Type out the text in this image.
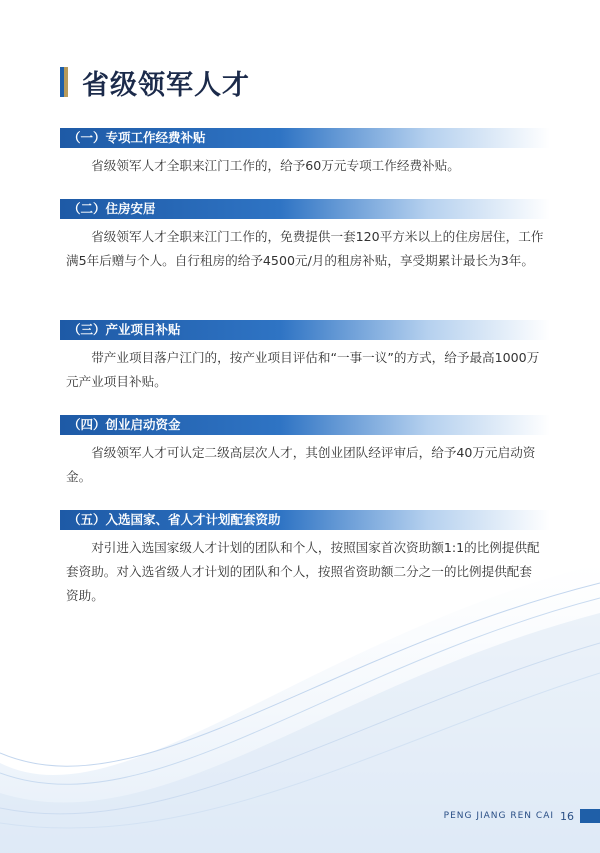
省级领军人才
（一）专项工作经费补贴

省级领军人才全职来江门工作的，给予60万元专项工作经费补贴。

（二）住房安居

省级领军人才全职来江门工作的，免费提供一套120平方米以上的住房居住，工作满5年后赠与个人。自行租房的给予4500元/月的租房补贴，享受期累计最长为3年。

（三）产业项目补贴

带产业项目落户江门的，按产业项目评估和“一事一议”的方式，给予最高1000万元产业项目补贴。

（四）创业启动资金

省级领军人才可认定二级高层次人才，其创业团队经评审后，给予40万元启动资金。

（五）入选国家、省人才计划配套资助

对引进入选国家级人才计划的团队和个人，按照国家首次资助额1:1的比例提供配套资助。对入选省级人才计划的团队和个人，按照省资助额二分之一的比例提供配套资助。

PENG JIANG REN CAI 16
